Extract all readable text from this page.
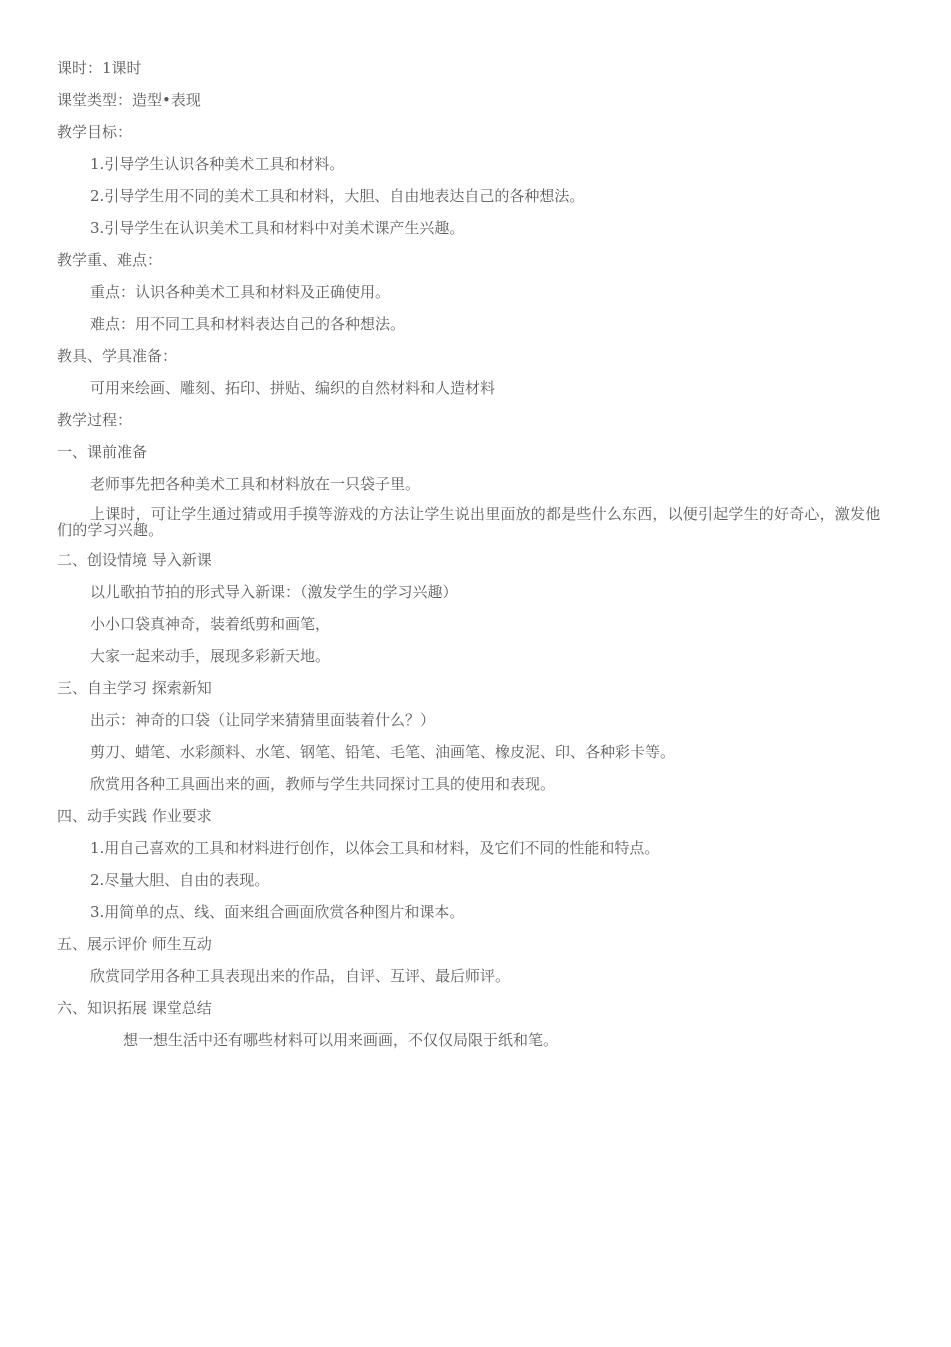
课时：1课时
课堂类型：造型•表现
教学目标：
1.引导学生认识各种美术工具和材料。
2.引导学生用不同的美术工具和材料，大胆、自由地表达自己的各种想法。
3.引导学生在认识美术工具和材料中对美术课产生兴趣。
教学重、难点：
重点：认识各种美术工具和材料及正确使用。
难点：用不同工具和材料表达自己的各种想法。
教具、学具准备：
可用来绘画、雕刻、拓印、拼贴、编织的自然材料和人造材料
教学过程：
一、课前准备
老师事先把各种美术工具和材料放在一只袋子里。
上课时，可让学生通过猜或用手摸等游戏的方法让学生说出里面放的都是些什么东西，以便引起学生的好奇心，激发他们的学习兴趣。
二、创设情境 导入新课
以儿歌拍节拍的形式导入新课：（激发学生的学习兴趣）
小小口袋真神奇，装着纸剪和画笔，
大家一起来动手，展现多彩新天地。
三、自主学习 探索新知
出示：神奇的口袋（让同学来猜猜里面装着什么？）
剪刀、蜡笔、水彩颜料、水笔、钢笔、铅笔、毛笔、油画笔、橡皮泥、印、各种彩卡等。
欣赏用各种工具画出来的画，教师与学生共同探讨工具的使用和表现。
四、动手实践 作业要求
1.用自己喜欢的工具和材料进行创作，以体会工具和材料，及它们不同的性能和特点。
2.尽量大胆、自由的表现。
3.用简单的点、线、面来组合画面欣赏各种图片和课本。
五、展示评价 师生互动
欣赏同学用各种工具表现出来的作品，自评、互评、最后师评。
六、知识拓展 课堂总结
想一想生活中还有哪些材料可以用来画画，不仅仅局限于纸和笔。
